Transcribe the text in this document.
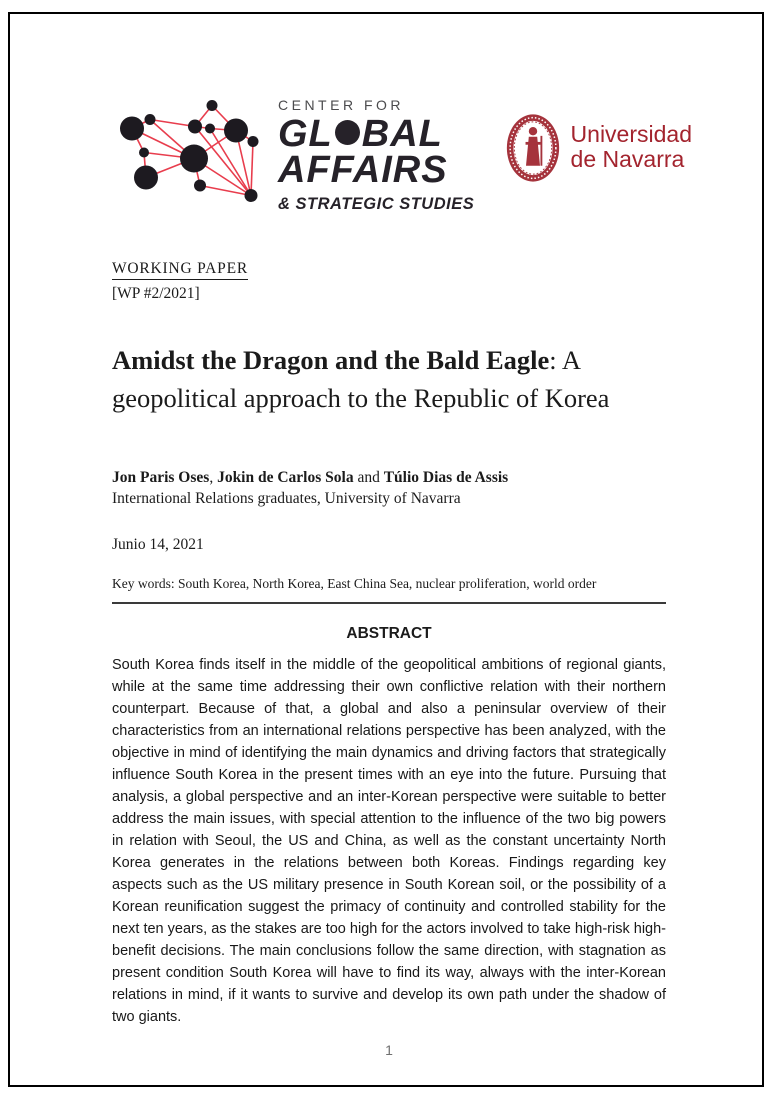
CENTER FOR
GL BAL
AFFAIRS
& STRATEGIC STUDIES
Universidad
de Navarra
WORKING PAPER
[WP #2/2021]
Amidst the Dragon and the Bald Eagle: A geopolitical approach to the Republic of Korea
Jon Paris Oses, Jokin de Carlos Sola and Túlio Dias de Assis
International Relations graduates, University of Navarra
Junio 14, 2021
Key words: South Korea, North Korea, East China Sea, nuclear proliferation, world order
ABSTRACT
South Korea finds itself in the middle of the geopolitical ambitions of regional giants, while at the same time addressing their own conflictive relation with their northern counterpart. Because of that, a global and also a peninsular overview of their characteristics from an international relations perspective has been analyzed, with the objective in mind of identifying the main dynamics and driving factors that strategically influence South Korea in the present times with an eye into the future. Pursuing that analysis, a global perspective and an inter-Korean perspective were suitable to better address the main issues, with special attention to the influence of the two big powers in relation with Seoul, the US and China, as well as the constant uncertainty North Korea generates in the relations between both Koreas. Findings regarding key aspects such as the US military presence in South Korean soil, or the possibility of a Korean reunification suggest the primacy of continuity and controlled stability for the next ten years, as the stakes are too high for the actors involved to take high-risk high-benefit decisions. The main conclusions follow the same direction, with stagnation as present condition South Korea will have to find its way, always with the inter-Korean relations in mind, if it wants to survive and develop its own path under the shadow of two giants.
1
